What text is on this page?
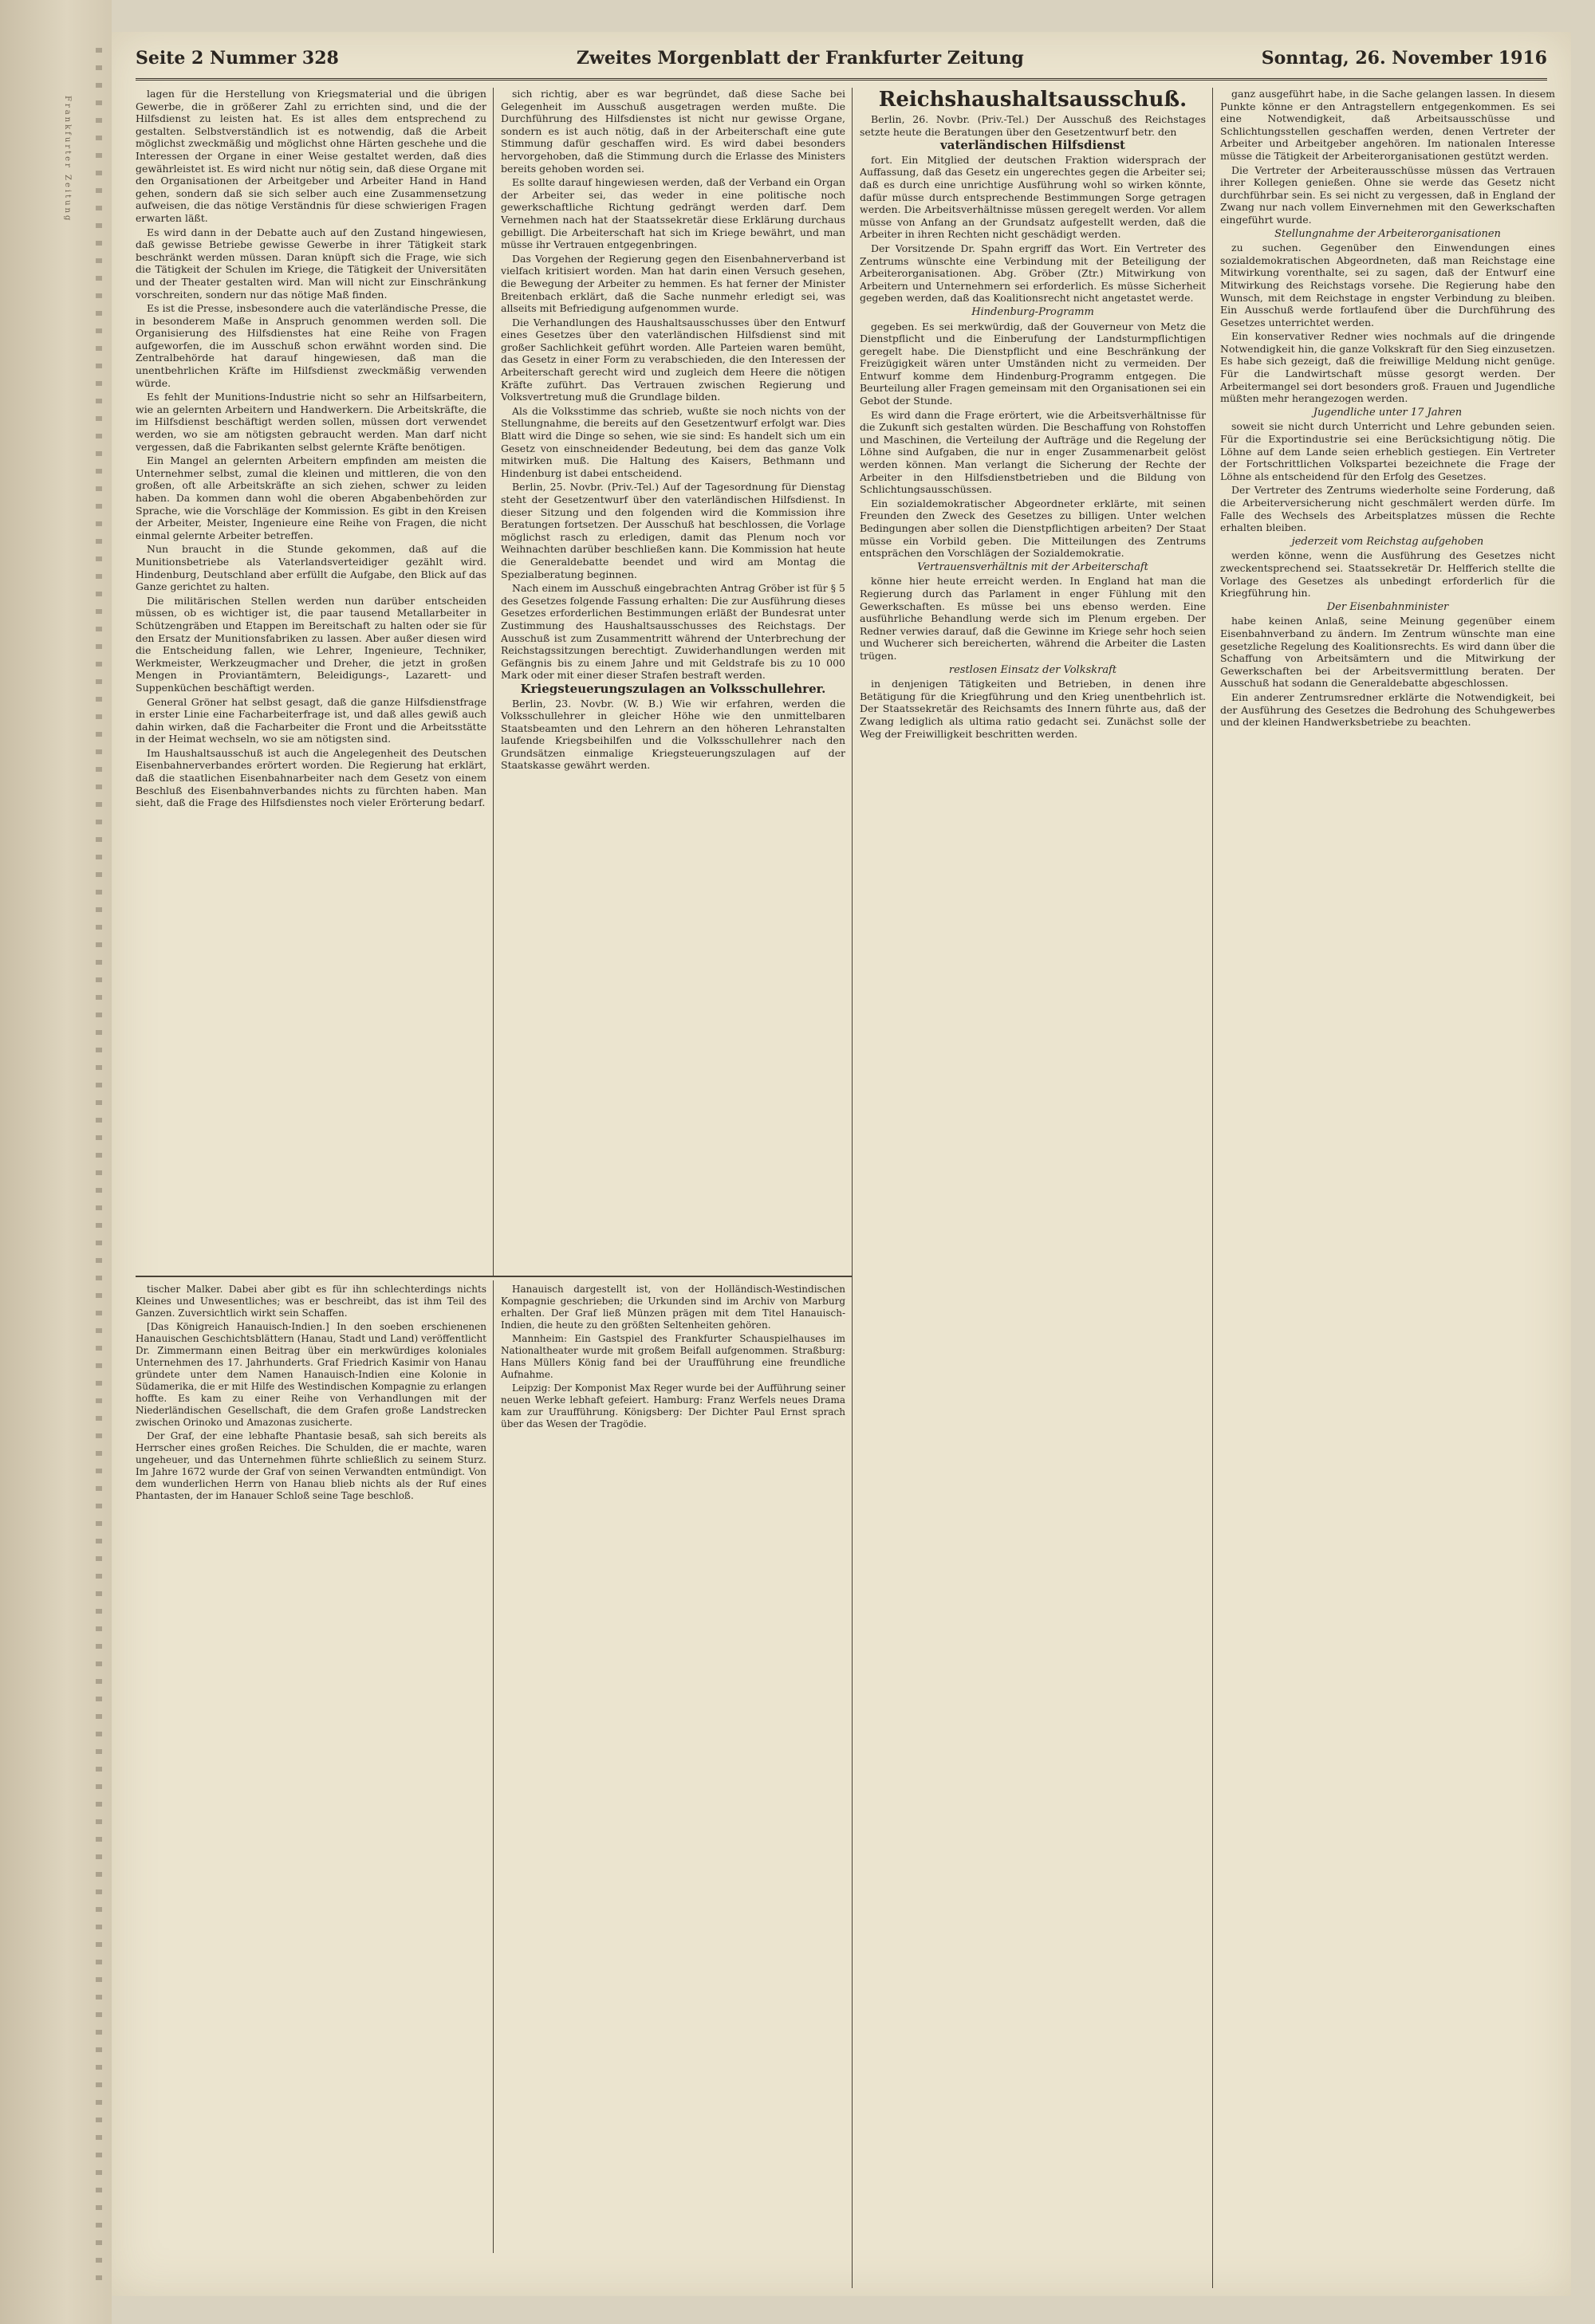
Frankfurter Zeitung
Seite 2 Nummer 328	Zweites Morgenblatt der Frankfurter Zeitung	Sonntag, 26. November 1916

lagen für die Herstellung von Kriegsmaterial und die übrigen Gewerbe, die in größerer Zahl zu errichten sind, und die der Hilfsdienst zu leisten hat. Es ist alles dem entsprechend zu gestalten. Selbstverständlich ist es notwendig, daß die Arbeit möglichst zweckmäßig und möglichst ohne Härten geschehe und die Interessen der Organe in einer Weise gestaltet werden, daß dies gewährleistet ist. Es wird nicht nur nötig sein, daß diese Organe mit den Organisationen der Arbeitgeber und Arbeiter Hand in Hand gehen, sondern daß sie sich selber auch eine Zusammensetzung aufweisen, die das nötige Verständnis für diese schwierigen Fragen erwarten läßt.

Es wird dann in der Debatte auch auf den Zustand hingewiesen, daß gewisse Betriebe gewisse Gewerbe in ihrer Tätigkeit stark beschränkt werden müssen. Daran knüpft sich die Frage, wie sich die Tätigkeit der Schulen im Kriege, die Tätigkeit der Universitäten und der Theater gestalten wird. Man will nicht zur Einschränkung vorschreiten, sondern nur das nötige Maß finden.

Es ist die Presse, insbesondere auch die vaterländische Presse, die in besonderem Maße in Anspruch genommen werden soll. Die Organisierung des Hilfsdienstes hat eine Reihe von Fragen aufgeworfen, die im Ausschuß schon erwähnt worden sind. Die Zentralbehörde hat darauf hingewiesen, daß man die unentbehrlichen Kräfte im Hilfsdienst zweckmäßig verwenden würde.

Es fehlt der Munitions-Industrie nicht so sehr an Hilfsarbeitern, wie an gelernten Arbeitern und Handwerkern. Die Arbeitskräfte, die im Hilfsdienst beschäftigt werden sollen, müssen dort verwendet werden, wo sie am nötigsten gebraucht werden. Man darf nicht vergessen, daß die Fabrikanten selbst gelernte Kräfte benötigen.

Ein Mangel an gelernten Arbeitern empfinden am meisten die Unternehmer selbst, zumal die kleinen und mittleren, die von den großen, oft alle Arbeitskräfte an sich ziehen, schwer zu leiden haben. Da kommen dann wohl die oberen Abgabenbehörden zur Sprache, wie die Vorschläge der Kommission. Es gibt in den Kreisen der Arbeiter, Meister, Ingenieure eine Reihe von Fragen, die nicht einmal gelernte Arbeiter betreffen.

Nun braucht in die Stunde gekommen, daß auf die Munitionsbetriebe als Vaterlandsverteidiger gezählt wird. Hindenburg, Deutschland aber erfüllt die Aufgabe, den Blick auf das Ganze gerichtet zu halten.

Die militärischen Stellen werden nun darüber entscheiden müssen, ob es wichtiger ist, die paar tausend Metallarbeiter in Schützengräben und Etappen im Bereitschaft zu halten oder sie für den Ersatz der Munitionsfabriken zu lassen. Aber außer diesen wird die Entscheidung fallen, wie Lehrer, Ingenieure, Techniker, Werkmeister, Werkzeugmacher und Dreher, die jetzt in großen Mengen in Proviantämtern, Beleidigungs-, Lazarett- und Suppenküchen beschäftigt werden.

General Gröner hat selbst gesagt, daß die ganze Hilfsdienstfrage in erster Linie eine Facharbeiterfrage ist, und daß alles gewiß auch dahin wirken, daß die Facharbeiter die Front und die Arbeitsstätte in der Heimat wechseln, wo sie am nötigsten sind.

Im Haushaltsausschuß ist auch die Angelegenheit des Deutschen Eisenbahnerverbandes erörtert worden. Die Regierung hat erklärt, daß die staatlichen Eisenbahnarbeiter nach dem Gesetz von einem Beschluß des Eisenbahnverbandes nichts zu fürchten haben. Man sieht, daß die Frage des Hilfsdienstes noch vieler Erörterung bedarf.

sich richtig, aber es war begründet, daß diese Sache bei Gelegenheit im Ausschuß ausgetragen werden mußte. Die Durchführung des Hilfsdienstes ist nicht nur gewisse Organe, sondern es ist auch nötig, daß in der Arbeiterschaft eine gute Stimmung dafür geschaffen wird. Es wird dabei besonders hervorgehoben, daß die Stimmung durch die Erlasse des Ministers bereits gehoben worden sei.

Es sollte darauf hingewiesen werden, daß der Verband ein Organ der Arbeiter sei, das weder in eine politische noch gewerkschaftliche Richtung gedrängt werden darf. Dem Vernehmen nach hat der Staatssekretär diese Erklärung durchaus gebilligt. Die Arbeiterschaft hat sich im Kriege bewährt, und man müsse ihr Vertrauen entgegenbringen.

Das Vorgehen der Regierung gegen den Eisenbahnerverband ist vielfach kritisiert worden. Man hat darin einen Versuch gesehen, die Bewegung der Arbeiter zu hemmen. Es hat ferner der Minister Breitenbach erklärt, daß die Sache nunmehr erledigt sei, was allseits mit Befriedigung aufgenommen wurde.

Die Verhandlungen des Haushaltsausschusses über den Entwurf eines Gesetzes über den vaterländischen Hilfsdienst sind mit großer Sachlichkeit geführt worden. Alle Parteien waren bemüht, das Gesetz in einer Form zu verabschieden, die den Interessen der Arbeiterschaft gerecht wird und zugleich dem Heere die nötigen Kräfte zuführt. Das Vertrauen zwischen Regierung und Volksvertretung muß die Grundlage bilden.

Als die Volksstimme das schrieb, wußte sie noch nichts von der Stellungnahme, die bereits auf den Gesetzentwurf erfolgt war. Dies Blatt wird die Dinge so sehen, wie sie sind: Es handelt sich um ein Gesetz von einschneidender Bedeutung, bei dem das ganze Volk mitwirken muß. Die Haltung des Kaisers, Bethmann und Hindenburg ist dabei entscheidend.

Berlin, 25. Novbr. (Priv.-Tel.) Auf der Tagesordnung für Dienstag steht der Gesetzentwurf über den vaterländischen Hilfsdienst. In dieser Sitzung und den folgenden wird die Kommission ihre Beratungen fortsetzen. Der Ausschuß hat beschlossen, die Vorlage möglichst rasch zu erledigen, damit das Plenum noch vor Weihnachten darüber beschließen kann. Die Kommission hat heute die Generaldebatte beendet und wird am Montag die Spezialberatung beginnen.

Nach einem im Ausschuß eingebrachten Antrag Gröber ist für § 5 des Gesetzes folgende Fassung erhalten: Die zur Ausführung dieses Gesetzes erforderlichen Bestimmungen erläßt der Bundesrat unter Zustimmung des Haushaltsausschusses des Reichstags. Der Ausschuß ist zum Zusammentritt während der Unterbrechung der Reichstagssitzungen berechtigt. Zuwiderhandlungen werden mit Gefängnis bis zu einem Jahre und mit Geldstrafe bis zu 10 000 Mark oder mit einer dieser Strafen bestraft werden.

Kriegsteuerungszulagen an Volksschullehrer.

Berlin, 23. Novbr. (W. B.) Wie wir erfahren, werden die Volksschullehrer in gleicher Höhe wie den unmittelbaren Staatsbeamten und den Lehrern an den höheren Lehranstalten laufende Kriegsbeihilfen und die Volksschullehrer nach den Grundsätzen einmalige Kriegsteuerungszulagen auf der Staatskasse gewährt werden.

Reichshaushaltsausschuß.

Berlin, 26. Novbr. (Priv.-Tel.) Der Ausschuß des Reichstages setzte heute die Beratungen über den Gesetzentwurf betr. den

vaterländischen Hilfsdienst

fort. Ein Mitglied der deutschen Fraktion widersprach der Auffassung, daß das Gesetz ein ungerechtes gegen die Arbeiter sei; daß es durch eine unrichtige Ausführung wohl so wirken könnte, dafür müsse durch entsprechende Bestimmungen Sorge getragen werden. Die Arbeitsverhältnisse müssen geregelt werden. Vor allem müsse von Anfang an der Grundsatz aufgestellt werden, daß die Arbeiter in ihren Rechten nicht geschädigt werden.

Der Vorsitzende Dr. Spahn ergriff das Wort. Ein Vertreter des Zentrums wünschte eine Verbindung mit der Beteiligung der Arbeiterorganisationen. Abg. Gröber (Ztr.) Mitwirkung von Arbeitern und Unternehmern sei erforderlich. Es müsse Sicherheit gegeben werden, daß das Koalitionsrecht nicht angetastet werde.

Hindenburg-Programm

gegeben. Es sei merkwürdig, daß der Gouverneur von Metz die Dienstpflicht und die Einberufung der Landsturmpflichtigen geregelt habe. Die Dienstpflicht und eine Beschränkung der Freizügigkeit wären unter Umständen nicht zu vermeiden. Der Entwurf komme dem Hindenburg-Programm entgegen. Die Beurteilung aller Fragen gemeinsam mit den Organisationen sei ein Gebot der Stunde.

Es wird dann die Frage erörtert, wie die Arbeitsverhältnisse für die Zukunft sich gestalten würden. Die Beschaffung von Rohstoffen und Maschinen, die Verteilung der Aufträge und die Regelung der Löhne sind Aufgaben, die nur in enger Zusammenarbeit gelöst werden können. Man verlangt die Sicherung der Rechte der Arbeiter in den Hilfsdienstbetrieben und die Bildung von Schlichtungsausschüssen.

Ein sozialdemokratischer Abgeordneter erklärte, mit seinen Freunden den Zweck des Gesetzes zu billigen. Unter welchen Bedingungen aber sollen die Dienstpflichtigen arbeiten? Der Staat müsse ein Vorbild geben. Die Mitteilungen des Zentrums entsprächen den Vorschlägen der Sozialdemokratie.

Vertrauensverhältnis mit der Arbeiterschaft

könne hier heute erreicht werden. In England hat man die Regierung durch das Parlament in enger Fühlung mit den Gewerkschaften. Es müsse bei uns ebenso werden. Eine ausführliche Behandlung werde sich im Plenum ergeben. Der Redner verwies darauf, daß die Gewinne im Kriege sehr hoch seien und Wucherer sich bereicherten, während die Arbeiter die Lasten trügen.

restlosen Einsatz der Volkskraft

in denjenigen Tätigkeiten und Betrieben, in denen ihre Betätigung für die Kriegführung und den Krieg unentbehrlich ist. Der Staatssekretär des Reichsamts des Innern führte aus, daß der Zwang lediglich als ultima ratio gedacht sei. Zunächst solle der Weg der Freiwilligkeit beschritten werden.

ganz ausgeführt habe, in die Sache gelangen lassen. In diesem Punkte könne er den Antragstellern entgegenkommen. Es sei eine Notwendigkeit, daß Arbeitsausschüsse und Schlichtungsstellen geschaffen werden, denen Vertreter der Arbeiter und Arbeitgeber angehören. Im nationalen Interesse müsse die Tätigkeit der Arbeiterorganisationen gestützt werden.

Die Vertreter der Arbeiterausschüsse müssen das Vertrauen ihrer Kollegen genießen. Ohne sie werde das Gesetz nicht durchführbar sein. Es sei nicht zu vergessen, daß in England der Zwang nur nach vollem Einvernehmen mit den Gewerkschaften eingeführt wurde.

Stellungnahme der Arbeiterorganisationen

zu suchen. Gegenüber den Einwendungen eines sozialdemokratischen Abgeordneten, daß man Reichstage eine Mitwirkung vorenthalte, sei zu sagen, daß der Entwurf eine Mitwirkung des Reichstags vorsehe. Die Regierung habe den Wunsch, mit dem Reichstage in engster Verbindung zu bleiben. Ein Ausschuß werde fortlaufend über die Durchführung des Gesetzes unterrichtet werden.

Ein konservativer Redner wies nochmals auf die dringende Notwendigkeit hin, die ganze Volkskraft für den Sieg einzusetzen. Es habe sich gezeigt, daß die freiwillige Meldung nicht genüge. Für die Landwirtschaft müsse gesorgt werden. Der Arbeitermangel sei dort besonders groß. Frauen und Jugendliche müßten mehr herangezogen werden.

Jugendliche unter 17 Jahren

soweit sie nicht durch Unterricht und Lehre gebunden seien. Für die Exportindustrie sei eine Berücksichtigung nötig. Die Löhne auf dem Lande seien erheblich gestiegen. Ein Vertreter der Fortschrittlichen Volkspartei bezeichnete die Frage der Löhne als entscheidend für den Erfolg des Gesetzes.

Der Vertreter des Zentrums wiederholte seine Forderung, daß die Arbeiterversicherung nicht geschmälert werden dürfe. Im Falle des Wechsels des Arbeitsplatzes müssen die Rechte erhalten bleiben.

jederzeit vom Reichstag aufgehoben

werden könne, wenn die Ausführung des Gesetzes nicht zweckentsprechend sei. Staatssekretär Dr. Helfferich stellte die Vorlage des Gesetzes als unbedingt erforderlich für die Kriegführung hin.

Der Eisenbahnminister

habe keinen Anlaß, seine Meinung gegenüber einem Eisenbahnverband zu ändern. Im Zentrum wünschte man eine gesetzliche Regelung des Koalitionsrechts. Es wird dann über die Schaffung von Arbeitsämtern und die Mitwirkung der Gewerkschaften bei der Arbeitsvermittlung beraten. Der Ausschuß hat sodann die Generaldebatte abgeschlossen.

Ein anderer Zentrumsredner erklärte die Notwendigkeit, bei der Ausführung des Gesetzes die Bedrohung des Schuhgewerbes und der kleinen Handwerksbetriebe zu beachten.

tischer Malker. Dabei aber gibt es für ihn schlechterdings nichts Kleines und Unwesentliches; was er beschreibt, das ist ihm Teil des Ganzen. Zuversichtlich wirkt sein Schaffen.

[Das Königreich Hanauisch-Indien.] In den soeben erschienenen Hanauischen Geschichtsblättern (Hanau, Stadt und Land) veröffentlicht Dr. Zimmermann einen Beitrag über ein merkwürdiges koloniales Unternehmen des 17. Jahrhunderts. Graf Friedrich Kasimir von Hanau gründete unter dem Namen Hanauisch-Indien eine Kolonie in Südamerika, die er mit Hilfe des Westindischen Kompagnie zu erlangen hoffte. Es kam zu einer Reihe von Verhandlungen mit der Niederländischen Gesellschaft, die dem Grafen große Landstrecken zwischen Orinoko und Amazonas zusicherte.

Der Graf, der eine lebhafte Phantasie besaß, sah sich bereits als Herrscher eines großen Reiches. Die Schulden, die er machte, waren ungeheuer, und das Unternehmen führte schließlich zu seinem Sturz. Im Jahre 1672 wurde der Graf von seinen Verwandten entmündigt. Von dem wunderlichen Herrn von Hanau blieb nichts als der Ruf eines Phantasten, der im Hanauer Schloß seine Tage beschloß.

Hanauisch dargestellt ist, von der Holländisch-Westindischen Kompagnie geschrieben; die Urkunden sind im Archiv von Marburg erhalten. Der Graf ließ Münzen prägen mit dem Titel Hanauisch-Indien, die heute zu den größten Seltenheiten gehören.

Mannheim: Ein Gastspiel des Frankfurter Schauspielhauses im Nationaltheater wurde mit großem Beifall aufgenommen. Straßburg: Hans Müllers König fand bei der Uraufführung eine freundliche Aufnahme.

Leipzig: Der Komponist Max Reger wurde bei der Aufführung seiner neuen Werke lebhaft gefeiert. Hamburg: Franz Werfels neues Drama kam zur Uraufführung. Königsberg: Der Dichter Paul Ernst sprach über das Wesen der Tragödie.
